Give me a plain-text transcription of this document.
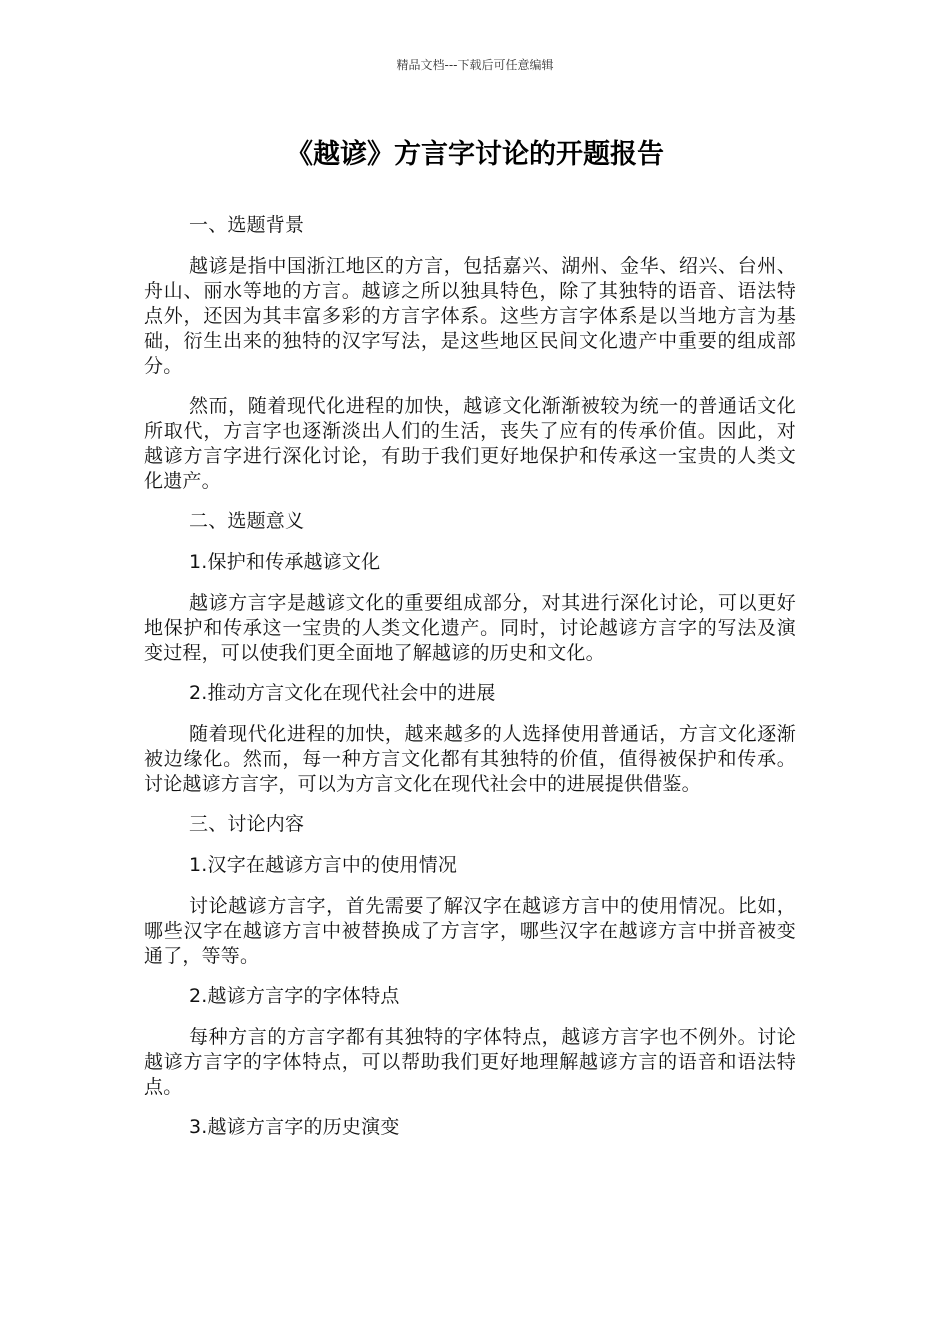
精品文档---下载后可任意编辑
《越谚》方言字讨论的开题报告

一、选题背景

越谚是指中国浙江地区的方言，包括嘉兴、湖州、金华、绍兴、台州、舟山、丽水等地的方言。越谚之所以独具特色，除了其独特的语音、语法特点外，还因为其丰富多彩的方言字体系。这些方言字体系是以当地方言为基础，衍生出来的独特的汉字写法，是这些地区民间文化遗产中重要的组成部分。

然而，随着现代化进程的加快，越谚文化渐渐被较为统一的普通话文化所取代，方言字也逐渐淡出人们的生活，丧失了应有的传承价值。因此，对越谚方言字进行深化讨论，有助于我们更好地保护和传承这一宝贵的人类文化遗产。

二、选题意义

1.保护和传承越谚文化

越谚方言字是越谚文化的重要组成部分，对其进行深化讨论，可以更好地保护和传承这一宝贵的人类文化遗产。同时，讨论越谚方言字的写法及演变过程，可以使我们更全面地了解越谚的历史和文化。

2.推动方言文化在现代社会中的进展

随着现代化进程的加快，越来越多的人选择使用普通话，方言文化逐渐被边缘化。然而，每一种方言文化都有其独特的价值，值得被保护和传承。讨论越谚方言字，可以为方言文化在现代社会中的进展提供借鉴。

三、讨论内容

1.汉字在越谚方言中的使用情况

讨论越谚方言字，首先需要了解汉字在越谚方言中的使用情况。比如，哪些汉字在越谚方言中被替换成了方言字，哪些汉字在越谚方言中拼音被变通了，等等。

2.越谚方言字的字体特点

每种方言的方言字都有其独特的字体特点，越谚方言字也不例外。讨论越谚方言字的字体特点，可以帮助我们更好地理解越谚方言的语音和语法特点。

3.越谚方言字的历史演变
